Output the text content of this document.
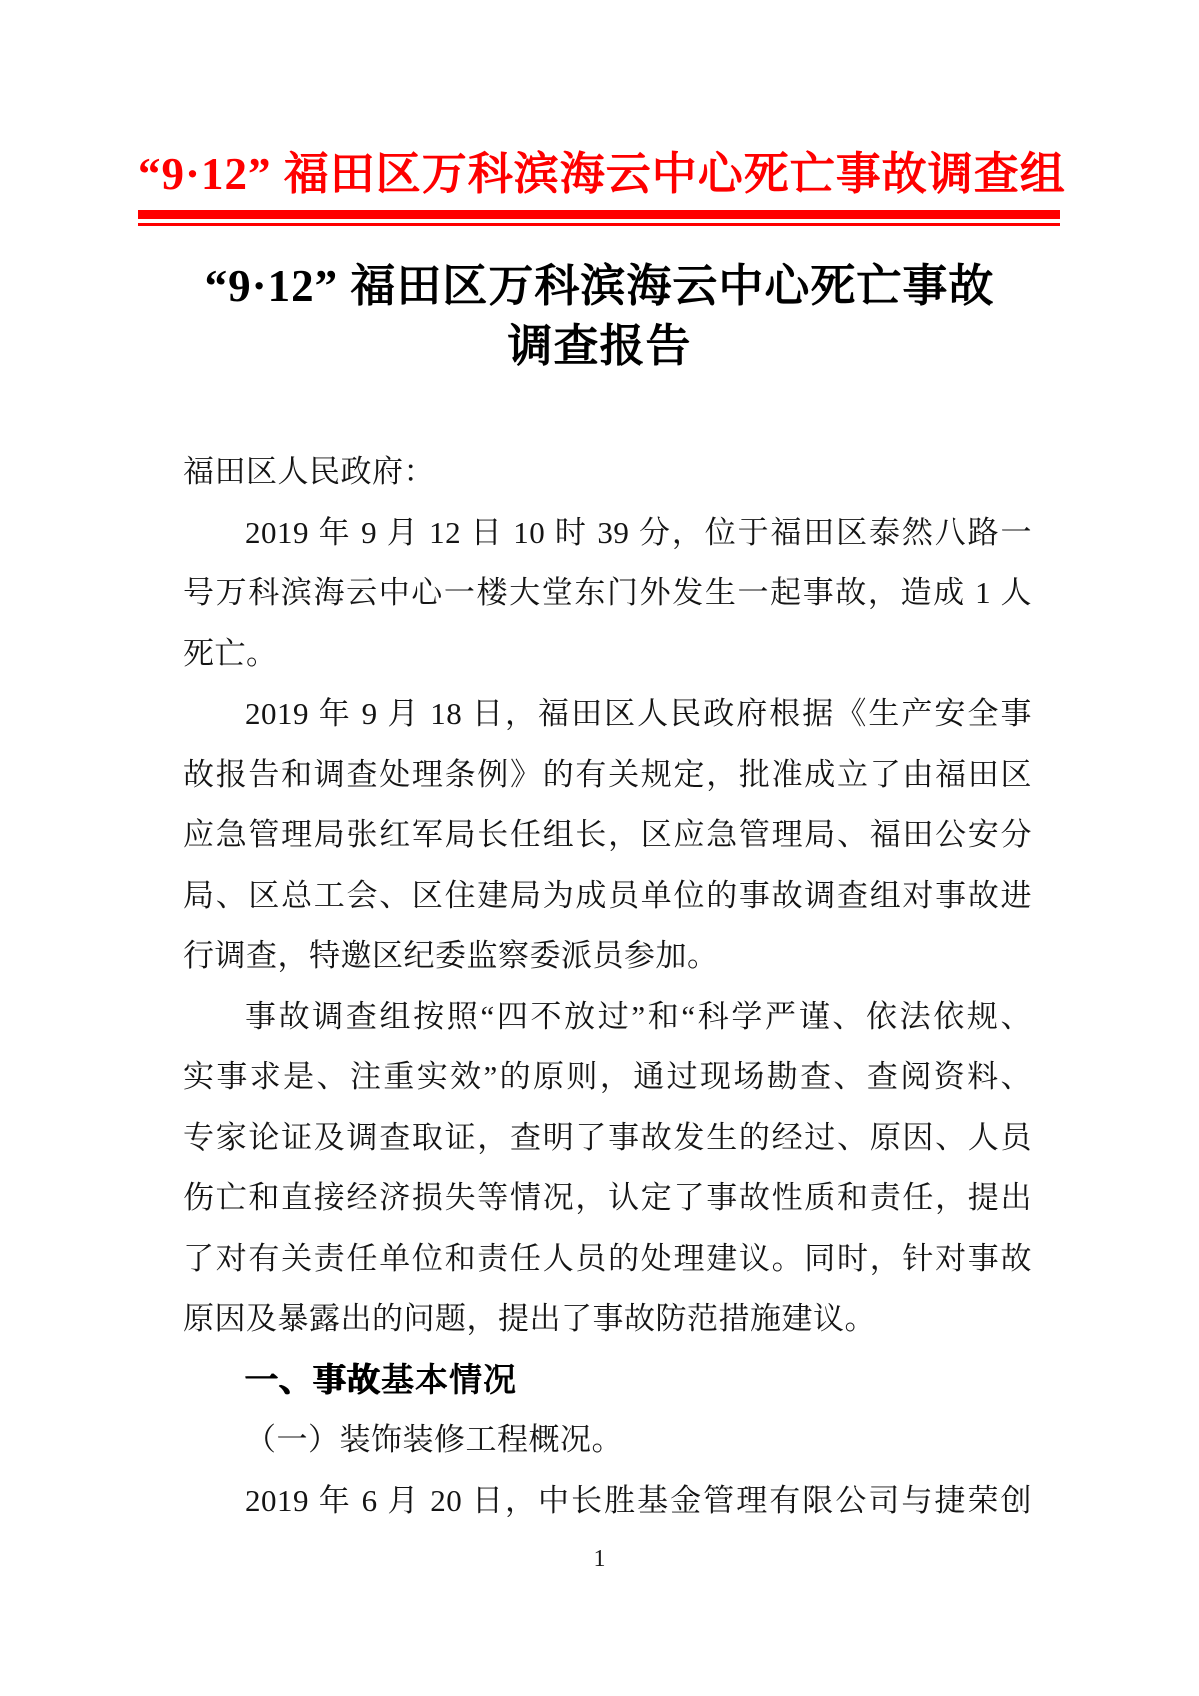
“9·12” 福田区万科滨海云中心死亡事故调查组
“9·12” 福田区万科滨海云中心死亡事故
调查报告
福田区人民政府：
2019 年 9 月 12 日 10 时 39 分，位于福田区泰然八路一
号万科滨海云中心一楼大堂东门外发生一起事故，造成 1 人
死亡。
2019 年 9 月 18 日，福田区人民政府根据《生产安全事
故报告和调查处理条例》的有关规定，批准成立了由福田区
应急管理局张红军局长任组长，区应急管理局、福田公安分
局、区总工会、区住建局为成员单位的事故调查组对事故进
行调查，特邀区纪委监察委派员参加。
事故调查组按照“四不放过”和“科学严谨、依法依规、
实事求是、注重实效”的原则，通过现场勘查、查阅资料、
专家论证及调查取证，查明了事故发生的经过、原因、人员
伤亡和直接经济损失等情况，认定了事故性质和责任，提出
了对有关责任单位和责任人员的处理建议。同时，针对事故
原因及暴露出的问题，提出了事故防范措施建议。
一、事故基本情况
（一）装饰装修工程概况。
2019 年 6 月 20 日，中长胜基金管理有限公司与捷荣创
1
